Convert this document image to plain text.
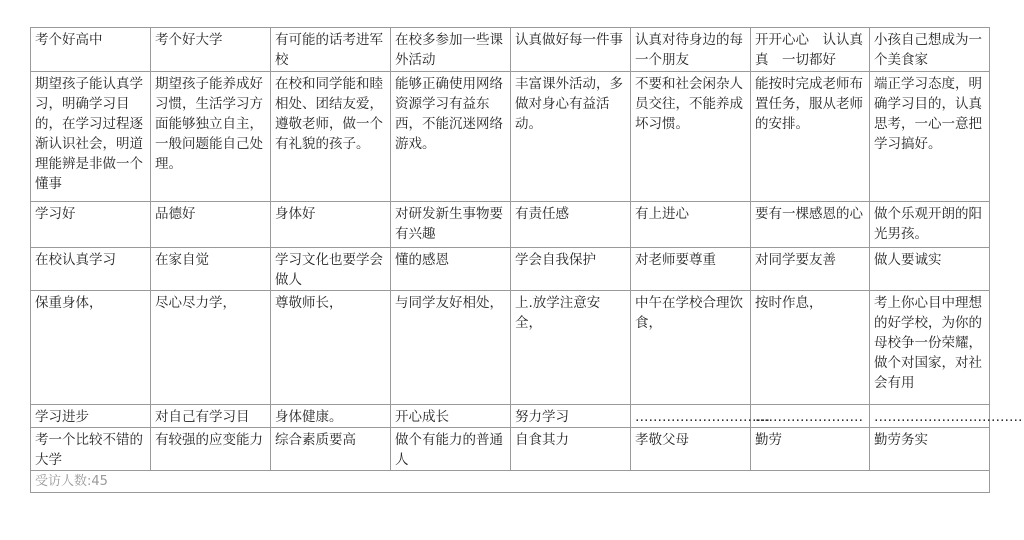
考个好高中	考个好大学	有可能的话考进军校	在校多参加一些课外活动	认真做好每一件事	认真对待身边的每一个朋友	开开心心　认认真真　一切都好	小孩自己想成为一个美食家

期望孩子能认真学习，明确学习目的，在学习过程逐渐认识社会，明道理能辨是非做一个懂事	期望孩子能养成好习惯，生活学习方面能够独立自主，一般问题能自己处理。	在校和同学能和睦相处、团结友爱，遵敬老师，做一个有礼貌的孩子。	能够正确使用网络资源学习有益东西，不能沉迷网络游戏。	丰富课外活动，多做对身心有益活动。	不要和社会闲杂人员交往，不能养成坏习惯。	能按时完成老师布置任务，服从老师的安排。	端正学习态度，明确学习目的，认真思考，一心一意把学习搞好。

学习好	品德好	身体好	对研发新生事物要有兴趣	有责任感	有上进心	要有一棵感恩的心	做个乐观开朗的阳光男孩。

在校认真学习	在家自觉	学习文化也要学会做人	懂的感恩	学会自我保护	对老师要尊重	对同学要友善	做人要诚实

保重身体，	尽心尽力学，	尊敬师长，	与同学友好相处，	上.放学注意安全，	中午在学校合理饮食，	按时作息，	考上你心目中理想的好学校，为你的母校争一份荣耀，做个对国家，对社会有用

学习进步	对自己有学习目	身体健康。	开心成长	努力学习	…………………………	……………………	……………………………

考一个比较不错的大学	有较强的应变能力	综合素质要高	做个有能力的普通人	自食其力	孝敬父母	勤劳	勤劳务实

受访人数:45							
